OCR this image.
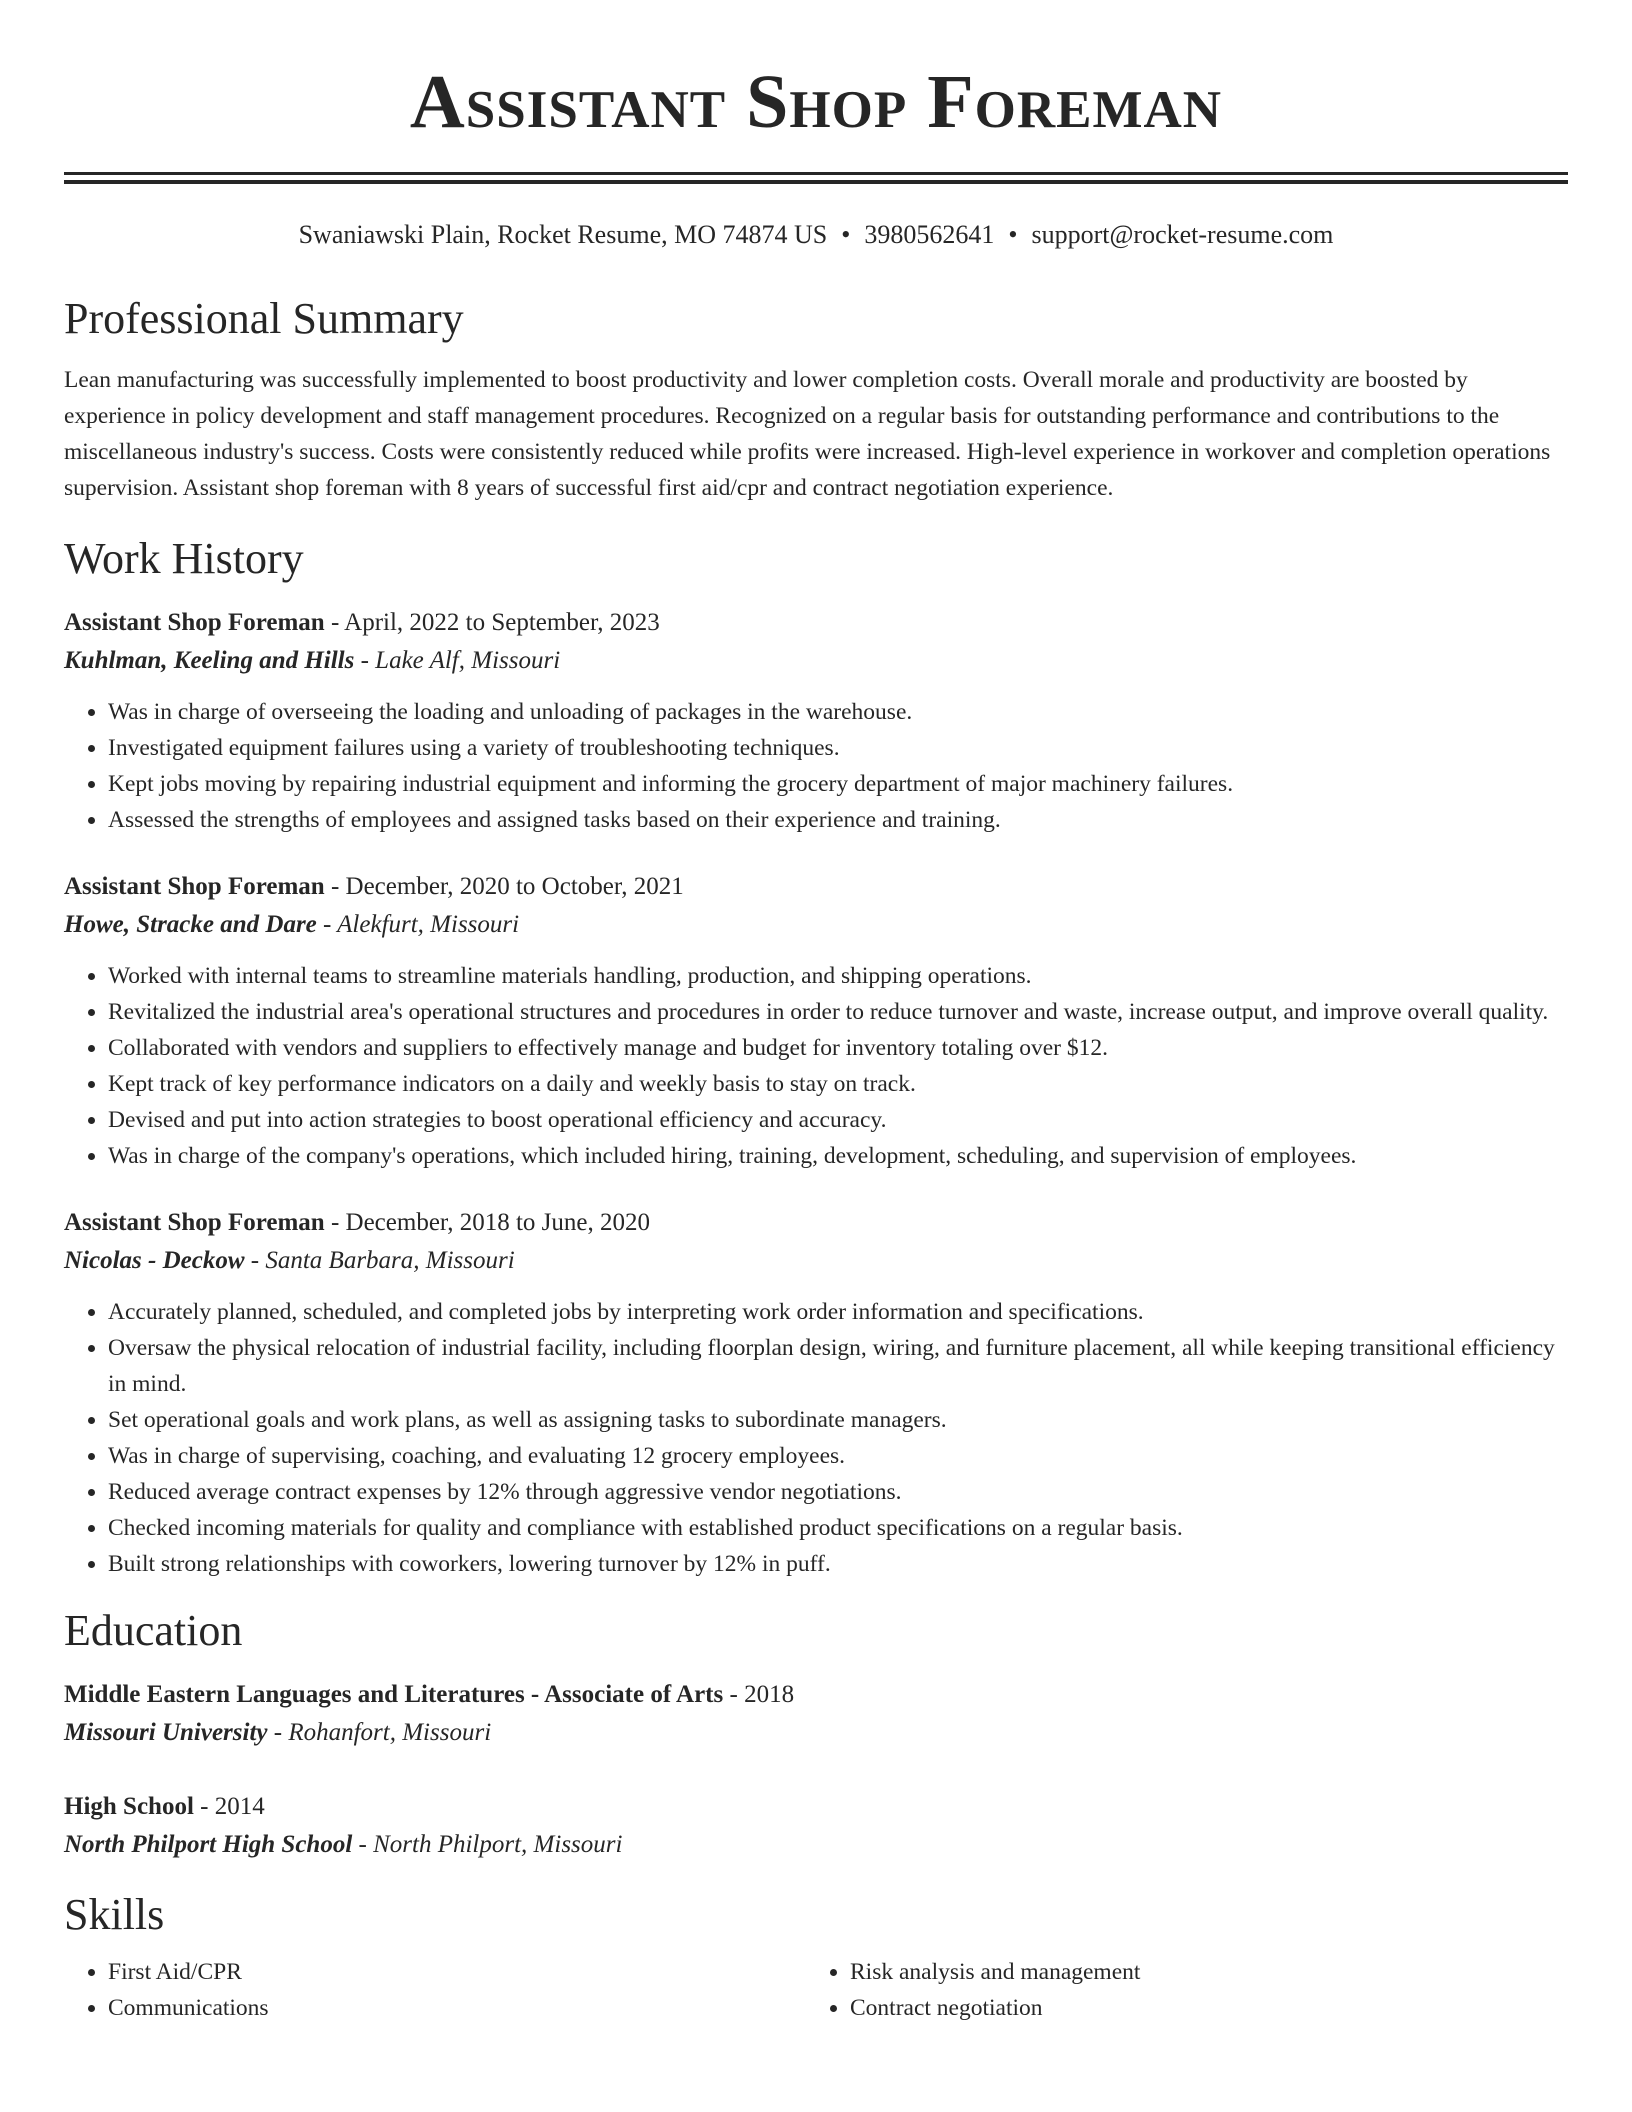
Assistant Shop Foreman
Swaniawski Plain, Rocket Resume, MO 74874 US • 3980562641 • support@rocket-resume.com
Professional Summary

Lean manufacturing was successfully implemented to boost productivity and lower completion costs. Overall morale and productivity are boosted by experience in policy development and staff management procedures. Recognized on a regular basis for outstanding performance and contributions to the miscellaneous industry's success. Costs were consistently reduced while profits were increased. High-level experience in workover and completion operations supervision. Assistant shop foreman with 8 years of successful first aid/cpr and contract negotiation experience.

Work History
Assistant Shop Foreman - April, 2022 to September, 2023
Kuhlman, Keeling and Hills - Lake Alf, Missouri
• Was in charge of overseeing the loading and unloading of packages in the warehouse.
• Investigated equipment failures using a variety of troubleshooting techniques.
• Kept jobs moving by repairing industrial equipment and informing the grocery department of major machinery failures.
• Assessed the strengths of employees and assigned tasks based on their experience and training.
Assistant Shop Foreman - December, 2020 to October, 2021
Howe, Stracke and Dare - Alekfurt, Missouri
• Worked with internal teams to streamline materials handling, production, and shipping operations.
• Revitalized the industrial area's operational structures and procedures in order to reduce turnover and waste, increase output, and improve overall quality.
• Collaborated with vendors and suppliers to effectively manage and budget for inventory totaling over $12.
• Kept track of key performance indicators on a daily and weekly basis to stay on track.
• Devised and put into action strategies to boost operational efficiency and accuracy.
• Was in charge of the company's operations, which included hiring, training, development, scheduling, and supervision of employees.
Assistant Shop Foreman - December, 2018 to June, 2020
Nicolas - Deckow - Santa Barbara, Missouri
• Accurately planned, scheduled, and completed jobs by interpreting work order information and specifications.
• Oversaw the physical relocation of industrial facility, including floorplan design, wiring, and furniture placement, all while keeping transitional efficiency in mind.
• Set operational goals and work plans, as well as assigning tasks to subordinate managers.
• Was in charge of supervising, coaching, and evaluating 12 grocery employees.
• Reduced average contract expenses by 12% through aggressive vendor negotiations.
• Checked incoming materials for quality and compliance with established product specifications on a regular basis.
• Built strong relationships with coworkers, lowering turnover by 12% in puff.
Education
Middle Eastern Languages and Literatures - Associate of Arts - 2018
Missouri University - Rohanfort, Missouri
High School - 2014
North Philport High School - North Philport, Missouri
Skills
• First Aid/CPR
• Communications
• Risk analysis and management
• Contract negotiation
